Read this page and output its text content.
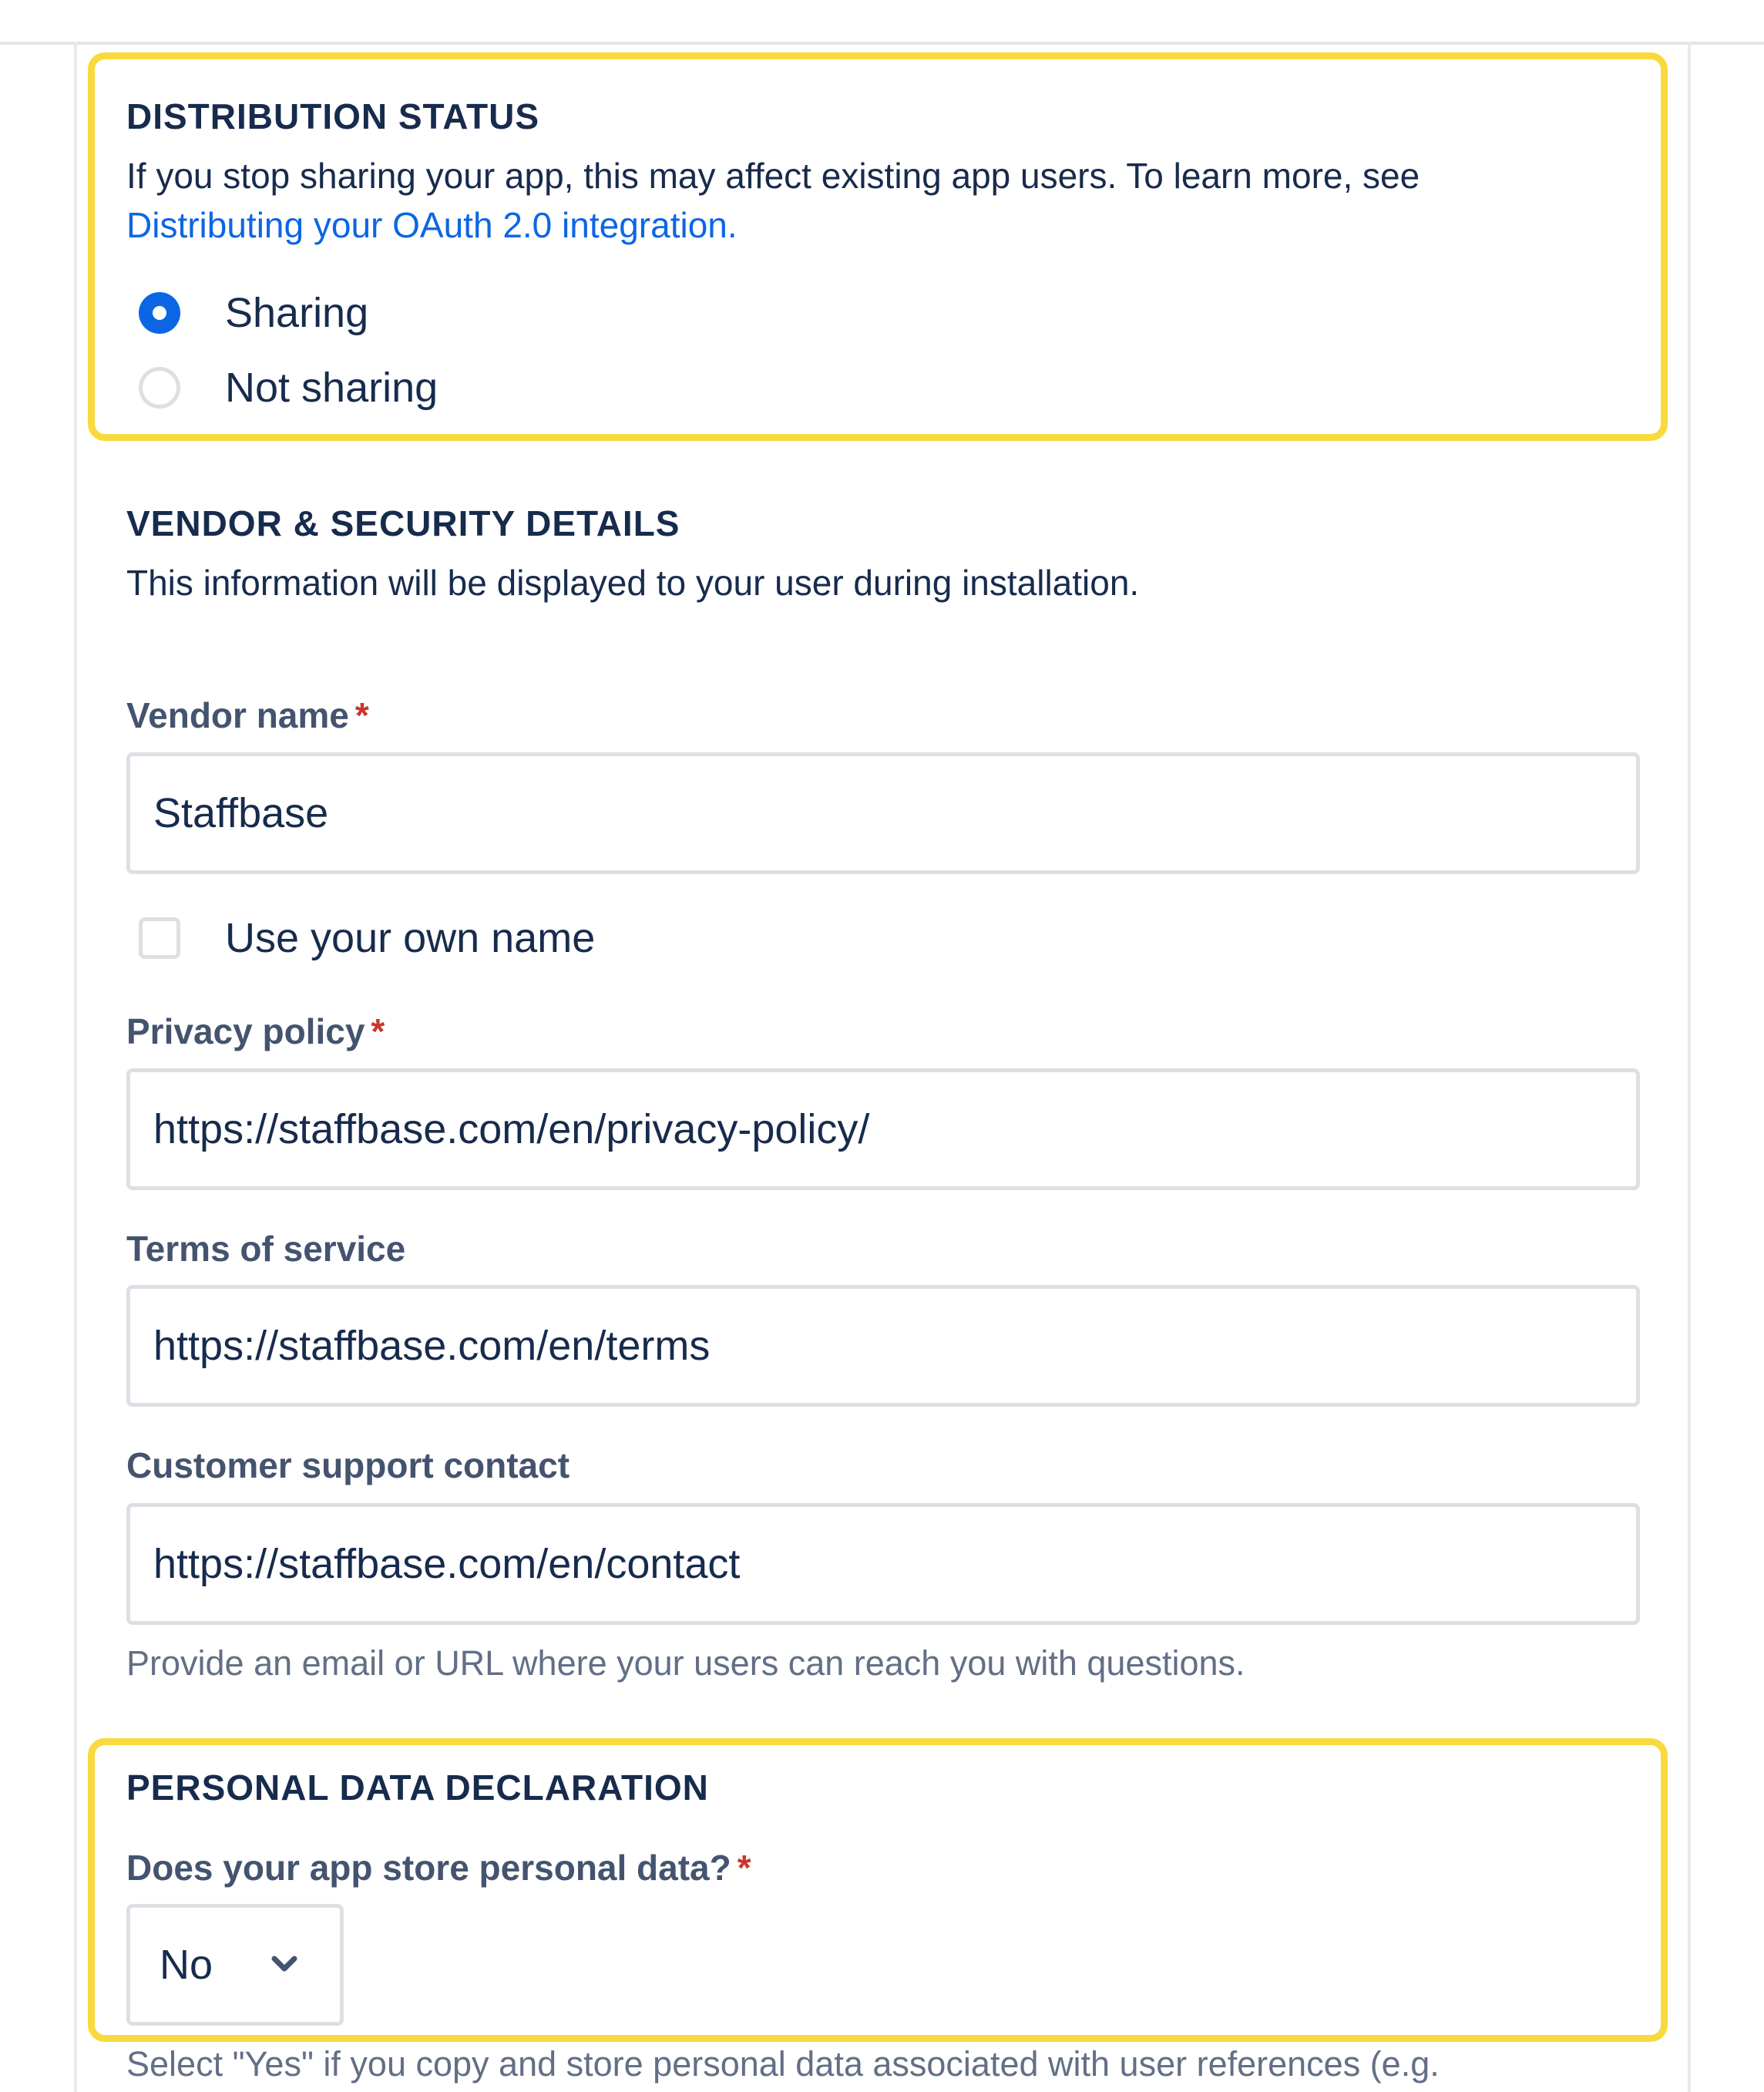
DISTRIBUTION STATUS
If you stop sharing your app, this may affect existing app users. To learn more, see
Distributing your OAuth 2.0 integration.
Sharing
Not sharing
VENDOR & SECURITY DETAILS
This information will be displayed to your user during installation.
Vendor name *
Staffbase
Use your own name
Privacy policy *
https://staffbase.com/en/privacy-policy/
Terms of service
https://staffbase.com/en/terms
Customer support contact
https://staffbase.com/en/contact
Provide an email or URL where your users can reach you with questions.
PERSONAL DATA DECLARATION
Does your app store personal data? *
No
Select "Yes" if you copy and store personal data associated with user references (e.g.
